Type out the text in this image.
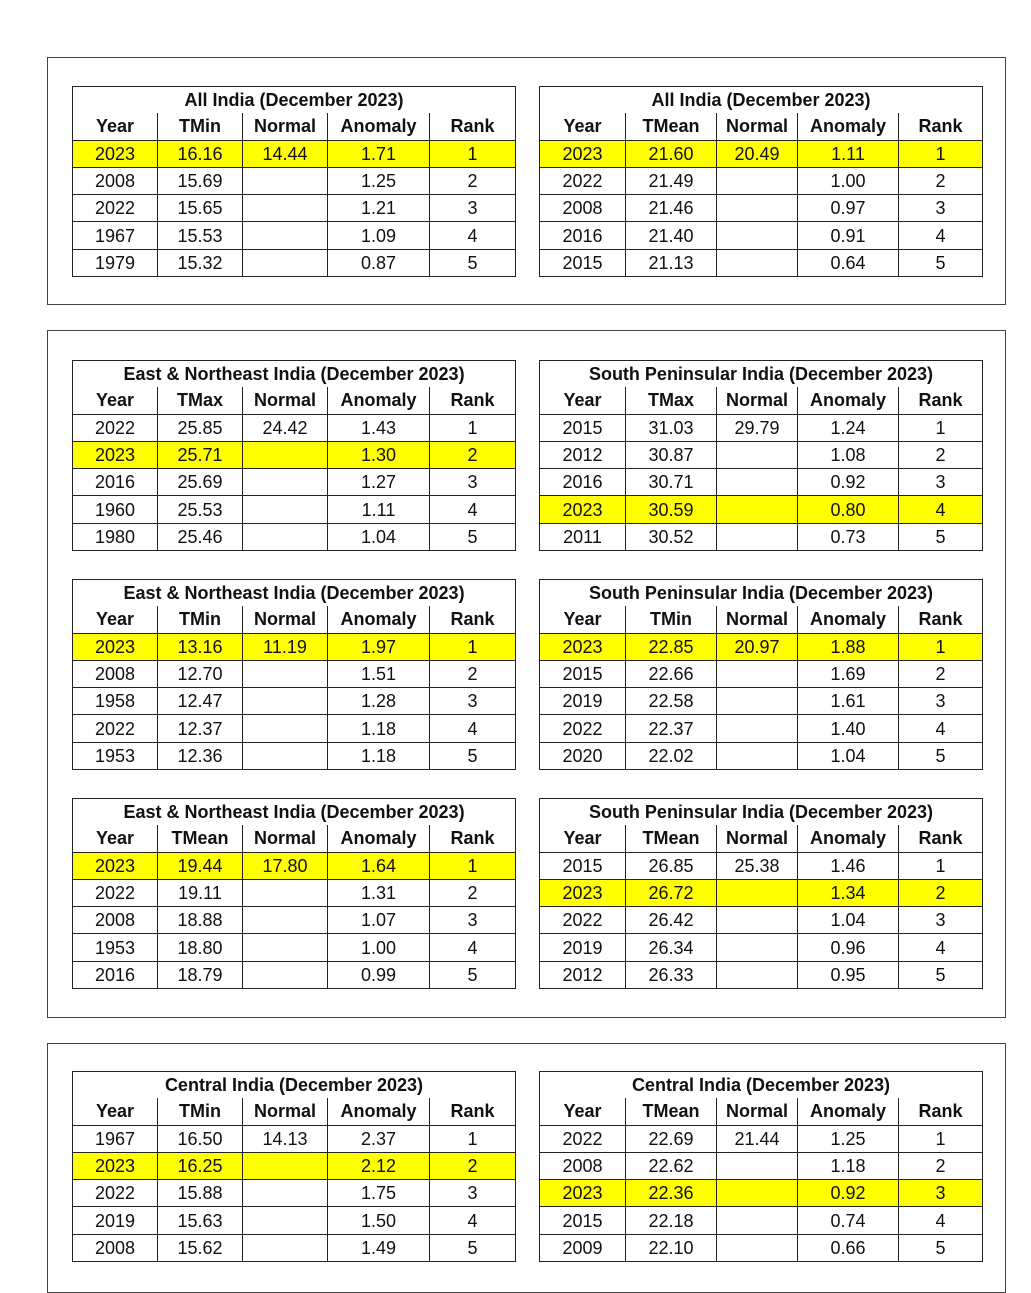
All India (December 2023)				
Year	TMin	Normal	Anomaly	Rank
2023	16.16	14.44	1.71	1
2008	15.69		1.25	2
2022	15.65		1.21	3
1967	15.53		1.09	4
1979	15.32		0.87	5
All India (December 2023)				
Year	TMean	Normal	Anomaly	Rank
2023	21.60	20.49	1.11	1
2022	21.49		1.00	2
2008	21.46		0.97	3
2016	21.40		0.91	4
2015	21.13		0.64	5
East & Northeast India (December 2023)				
Year	TMax	Normal	Anomaly	Rank
2022	25.85	24.42	1.43	1
2023	25.71		1.30	2
2016	25.69		1.27	3
1960	25.53		1.11	4
1980	25.46		1.04	5
South Peninsular India (December 2023)				
Year	TMax	Normal	Anomaly	Rank
2015	31.03	29.79	1.24	1
2012	30.87		1.08	2
2016	30.71		0.92	3
2023	30.59		0.80	4
2011	30.52		0.73	5
East & Northeast India (December 2023)				
Year	TMin	Normal	Anomaly	Rank
2023	13.16	11.19	1.97	1
2008	12.70		1.51	2
1958	12.47		1.28	3
2022	12.37		1.18	4
1953	12.36		1.18	5
South Peninsular India (December 2023)				
Year	TMin	Normal	Anomaly	Rank
2023	22.85	20.97	1.88	1
2015	22.66		1.69	2
2019	22.58		1.61	3
2022	22.37		1.40	4
2020	22.02		1.04	5
East & Northeast India (December 2023)				
Year	TMean	Normal	Anomaly	Rank
2023	19.44	17.80	1.64	1
2022	19.11		1.31	2
2008	18.88		1.07	3
1953	18.80		1.00	4
2016	18.79		0.99	5
South Peninsular India (December 2023)				
Year	TMean	Normal	Anomaly	Rank
2015	26.85	25.38	1.46	1
2023	26.72		1.34	2
2022	26.42		1.04	3
2019	26.34		0.96	4
2012	26.33		0.95	5
Central India (December 2023)				
Year	TMin	Normal	Anomaly	Rank
1967	16.50	14.13	2.37	1
2023	16.25		2.12	2
2022	15.88		1.75	3
2019	15.63		1.50	4
2008	15.62		1.49	5
Central India (December 2023)				
Year	TMean	Normal	Anomaly	Rank
2022	22.69	21.44	1.25	1
2008	22.62		1.18	2
2023	22.36		0.92	3
2015	22.18		0.74	4
2009	22.10		0.66	5
